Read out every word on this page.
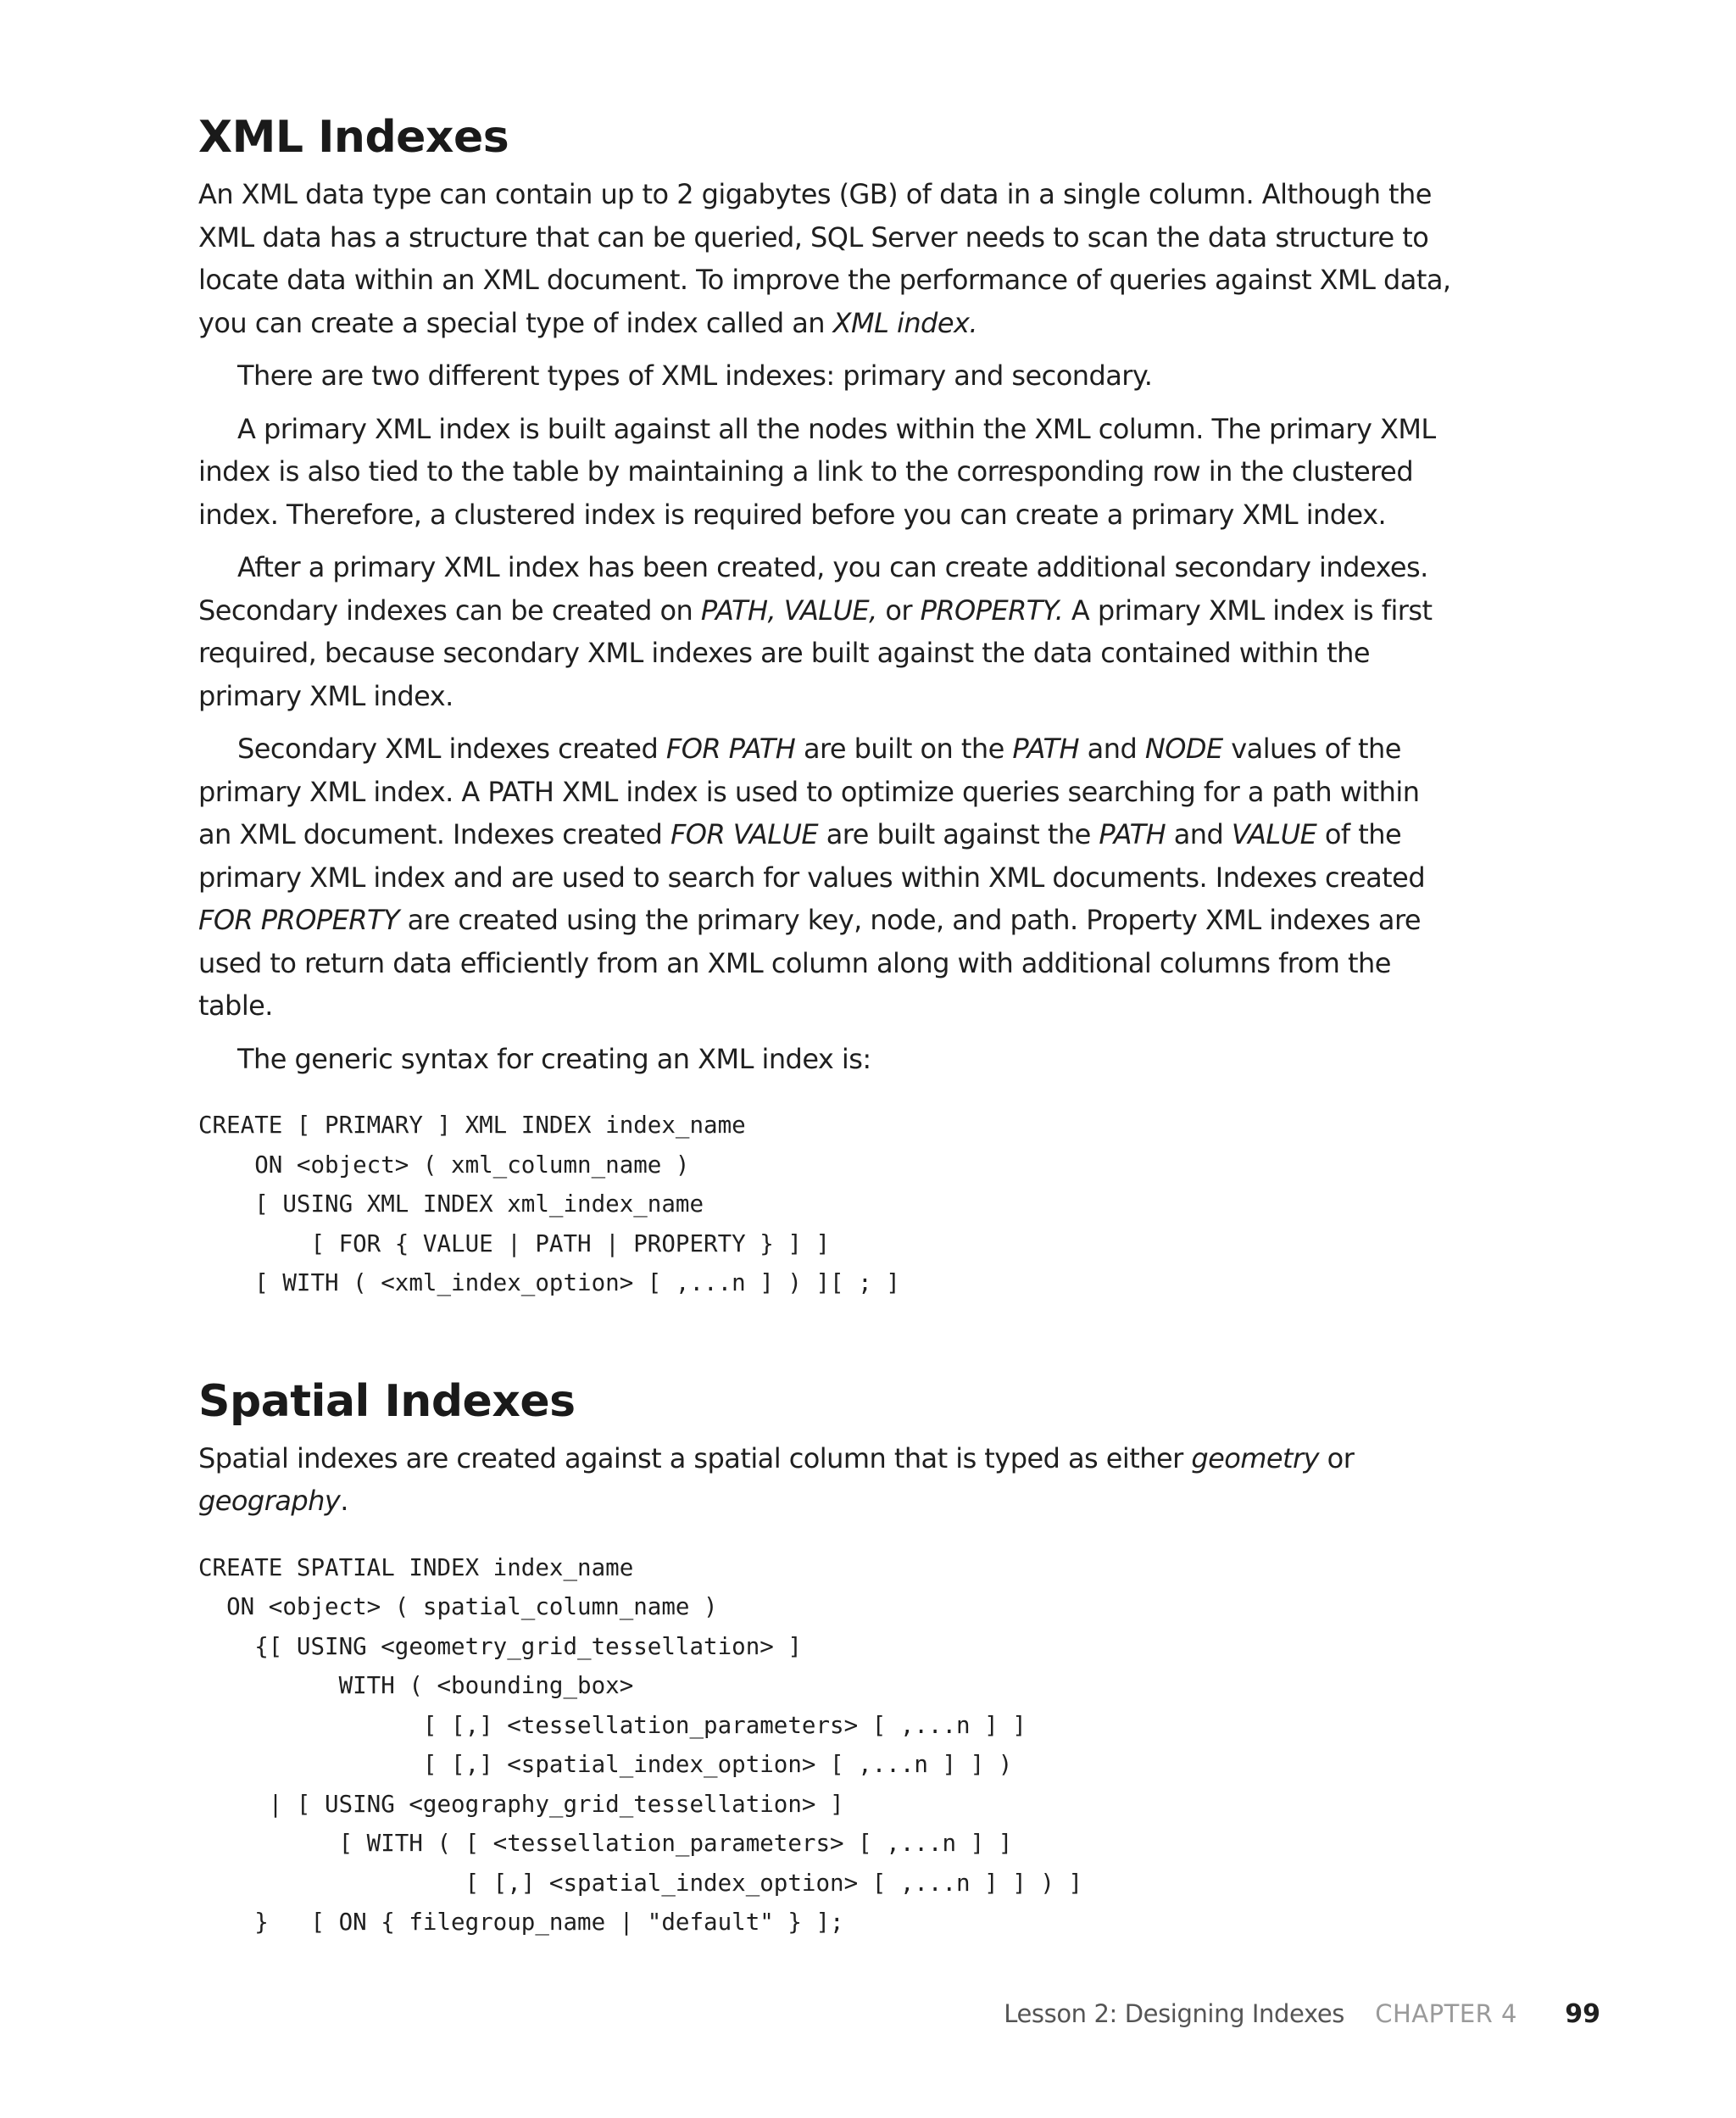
XML Indexes

An XML data type can contain up to 2 gigabytes (GB) of data in a single column. Although the XML data has a structure that can be queried, SQL Server needs to scan the data structure to locate data within an XML document. To improve the performance of queries against XML data, you can create a special type of index called an XML index.

There are two different types of XML indexes: primary and secondary.

A primary XML index is built against all the nodes within the XML column. The primary XML index is also tied to the table by maintaining a link to the corresponding row in the clustered index. Therefore, a clustered index is required before you can create a primary XML index.

After a primary XML index has been created, you can create additional secondary indexes. Secondary indexes can be created on PATH, VALUE, or PROPERTY. A primary XML index is first required, because secondary XML indexes are built against the data contained within the primary XML index.

Secondary XML indexes created FOR PATH are built on the PATH and NODE values of the primary XML index. A PATH XML index is used to optimize queries searching for a path within an XML document. Indexes created FOR VALUE are built against the PATH and VALUE of the primary XML index and are used to search for values within XML documents. Indexes created FOR PROPERTY are created using the primary key, node, and path. Property XML indexes are used to return data efficiently from an XML column along with additional columns from the table.

The generic syntax for creating an XML index is:

CREATE [ PRIMARY ] XML INDEX index_name
ON <object> ( xml_column_name )
[ USING XML INDEX xml_index_name
[ FOR { VALUE | PATH | PROPERTY } ] ]
[ WITH ( <xml_index_option> [ ,...n ] ) ][ ; ]
Spatial Indexes

Spatial indexes are created against a spatial column that is typed as either geometry or geography.

CREATE SPATIAL INDEX index_name
ON <object> ( spatial_column_name )
{[ USING <geometry_grid_tessellation> ]
WITH ( <bounding_box>
[ [,] <tessellation_parameters> [ ,...n ] ]
[ [,] <spatial_index_option> [ ,...n ] ] )
| [ USING <geography_grid_tessellation> ]
[ WITH ( [ <tessellation_parameters> [ ,...n ] ]
[ [,] <spatial_index_option> [ ,...n ] ] ) ]
}   [ ON { filegroup_name | "default" } ];
Lesson 2: Designing Indexes CHAPTER 4 99
